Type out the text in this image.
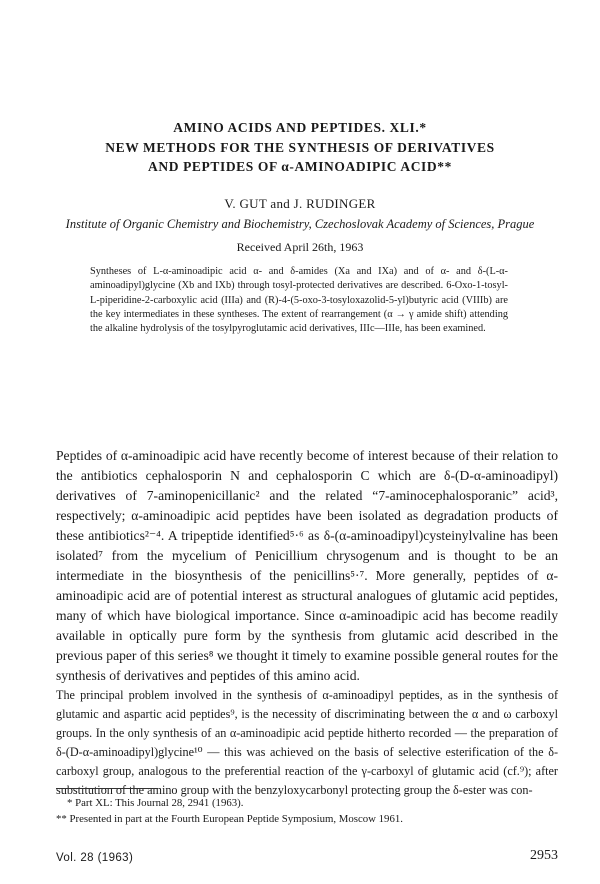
AMINO ACIDS AND PEPTIDES. XLI.*
NEW METHODS FOR THE SYNTHESIS OF DERIVATIVES
AND PEPTIDES OF α-AMINOADIPIC ACID**
V. GUT and J. RUDINGER
Institute of Organic Chemistry and Biochemistry, Czechoslovak Academy of Sciences, Prague
Received April 26th, 1963

Syntheses of L-α-aminoadipic acid α- and δ-amides (Xa and IXa) and of α- and δ-(L-α-aminoadipyl)glycine (Xb and IXb) through tosyl-protected derivatives are described. 6-Oxo-1-tosyl-L-piperidine-2-carboxylic acid (IIIa) and (R)-4-(5-oxo-3-tosyloxazolid-5-yl)butyric acid (VIIIb) are the key intermediates in these syntheses. The extent of rearrangement (α → γ amide shift) attending the alkaline hydrolysis of the tosylpyroglutamic acid derivatives, IIIc—IIIe, has been examined.

Peptides of α-aminoadipic acid have recently become of interest because of their relation to the antibiotics cephalosporin N and cephalosporin C which are δ-(D-α-aminoadipyl) derivatives of 7-aminopenicillanic² and the related “7-aminocephalosporanic” acid³, respectively; α-aminoadipic acid peptides have been isolated as degradation products of these antibiotics²⁻⁴. A tripeptide identified⁵·⁶ as δ-(α-aminoadipyl)cysteinylvaline has been isolated⁷ from the mycelium of Penicillium chrysogenum and is thought to be an intermediate in the biosynthesis of the penicillins⁵·⁷. More generally, peptides of α-aminoadipic acid are of potential interest as structural analogues of glutamic acid peptides, many of which have biological importance. Since α-aminoadipic acid has become readily available in optically pure form by the synthesis from glutamic acid described in the previous paper of this series⁸ we thought it timely to examine possible general routes for the synthesis of derivatives and peptides of this amino acid.

The principal problem involved in the synthesis of α-aminoadipyl peptides, as in the synthesis of glutamic and aspartic acid peptides⁹, is the necessity of discriminating between the α and ω carboxyl groups. In the only synthesis of an α-aminoadipic acid peptide hitherto recorded — the preparation of δ-(D-α-aminoadipyl)glycine¹⁰ — this was achieved on the basis of selective esterification of the δ-carboxyl group, analogous to the preferential reaction of the γ-carboxyl of glutamic acid (cf.⁹); after substitution of the amino group with the benzyloxycarbonyl protecting group the δ-ester was con-

* Part XL: This Journal 28, 2941 (1963).
** Presented in part at the Fourth European Peptide Symposium, Moscow 1961.
Vol. 28 (1963)	2953
